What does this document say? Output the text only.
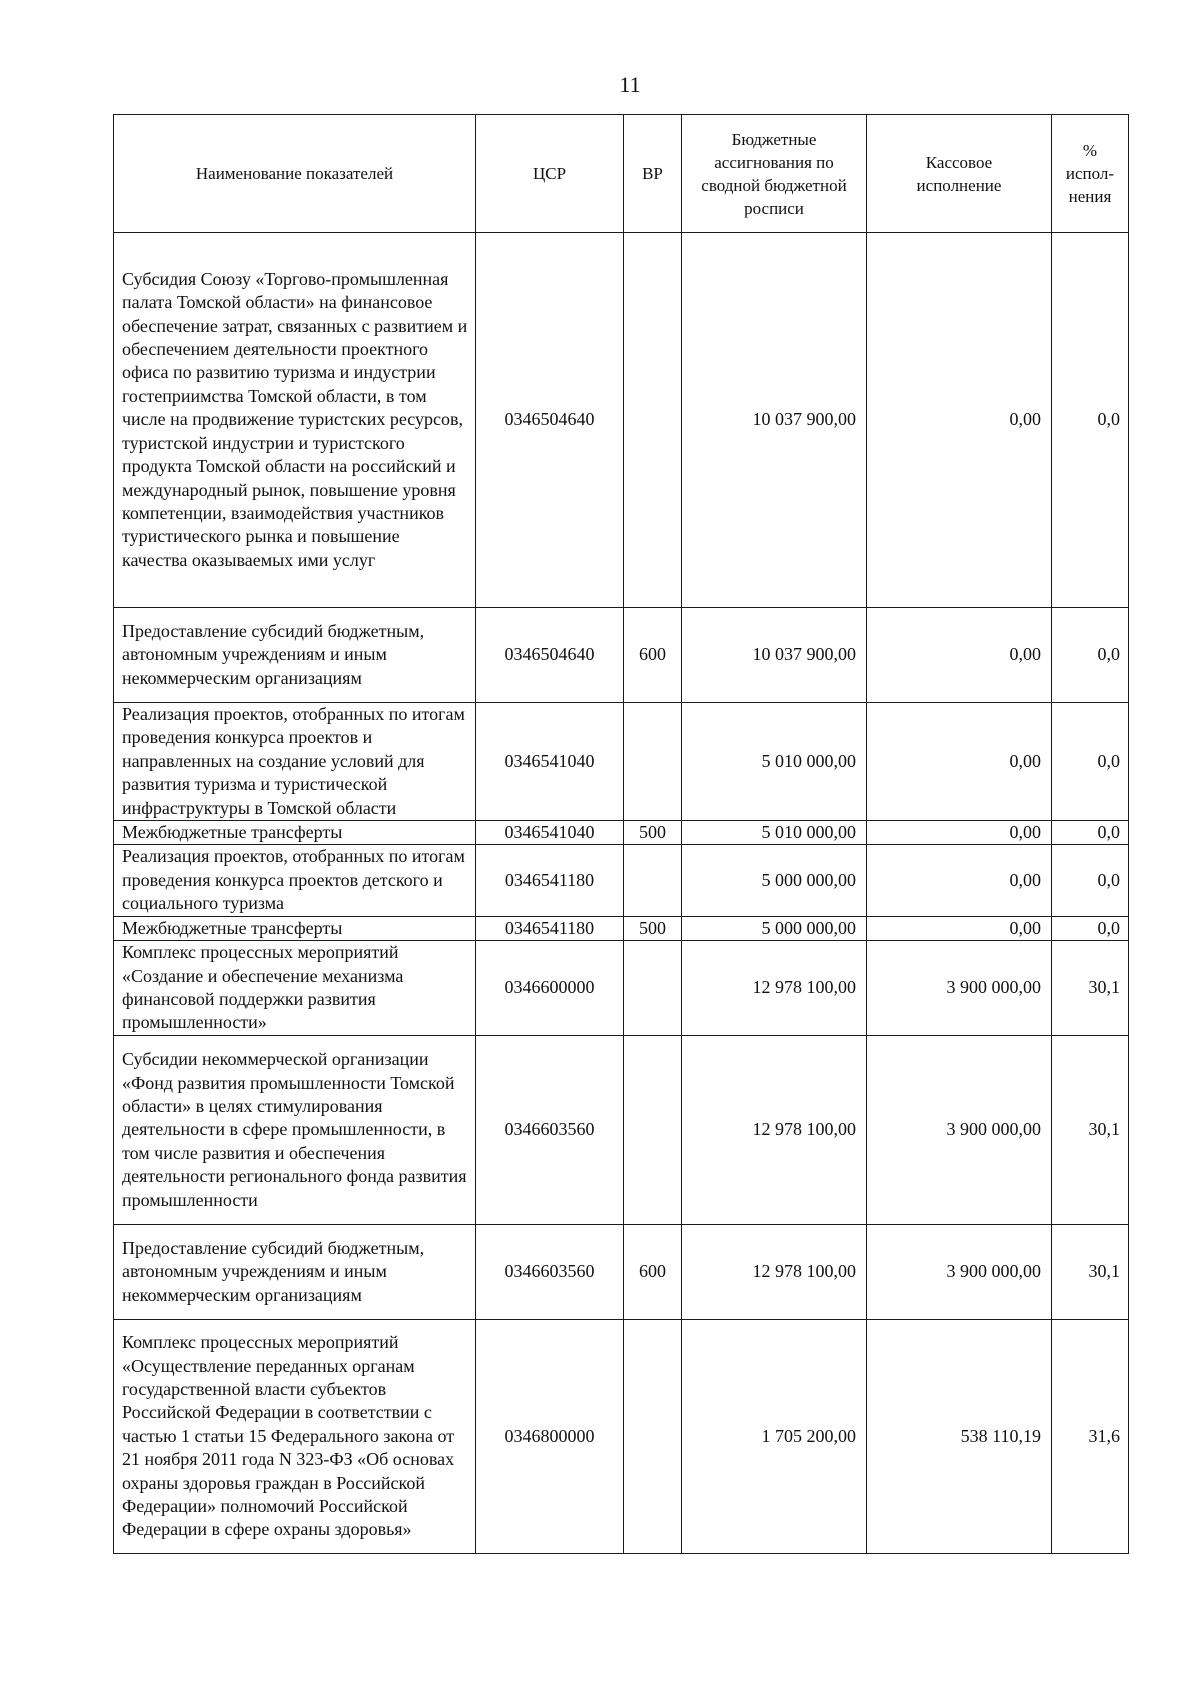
11
Наименование показателей	ЦСР	ВР	Бюджетные ассигнования по сводной бюджетной росписи	Кассовое исполнение	% испол-нения
Субсидия Союзу «Торгово-промышленная палата Томской области» на финансовое обеспечение затрат, связанных с развитием и обеспечением деятельности проектного офиса по развитию туризма и индустрии гостеприимства Томской области, в том числе на продвижение туристских ресурсов, туристской индустрии и туристского продукта Томской области на российский и международный рынок, повышение уровня компетенции, взаимодействия участников туристического рынка и повышение качества оказываемых ими услуг	0346504640		10 037 900,00	0,00	0,0
Предоставление субсидий бюджетным, автономным учреждениям и иным некоммерческим организациям	0346504640	600	10 037 900,00	0,00	0,0
Реализация проектов, отобранных по итогам проведения конкурса проектов и направленных на создание условий для развития туризма и туристической инфраструктуры в Томской области	0346541040		5 010 000,00	0,00	0,0
Межбюджетные трансферты	0346541040	500	5 010 000,00	0,00	0,0
Реализация проектов, отобранных по итогам проведения конкурса проектов детского и социального туризма	0346541180		5 000 000,00	0,00	0,0
Межбюджетные трансферты	0346541180	500	5 000 000,00	0,00	0,0
Комплекс процессных мероприятий «Создание и обеспечение механизма финансовой поддержки развития промышленности»	0346600000		12 978 100,00	3 900 000,00	30,1
Субсидии некоммерческой организации «Фонд развития промышленности Томской области» в целях стимулирования деятельности в сфере промышленности, в том числе развития и обеспечения деятельности регионального фонда развития промышленности	0346603560		12 978 100,00	3 900 000,00	30,1
Предоставление субсидий бюджетным, автономным учреждениям и иным некоммерческим организациям	0346603560	600	12 978 100,00	3 900 000,00	30,1
Комплекс процессных мероприятий «Осуществление переданных органам государственной власти субъектов Российской Федерации в соответствии с частью 1 статьи 15 Федерального закона от 21 ноября 2011 года N 323-ФЗ «Об основах охраны здоровья граждан в Российской Федерации» полномочий Российской Федерации в сфере охраны здоровья»	0346800000		1 705 200,00	538 110,19	31,6
